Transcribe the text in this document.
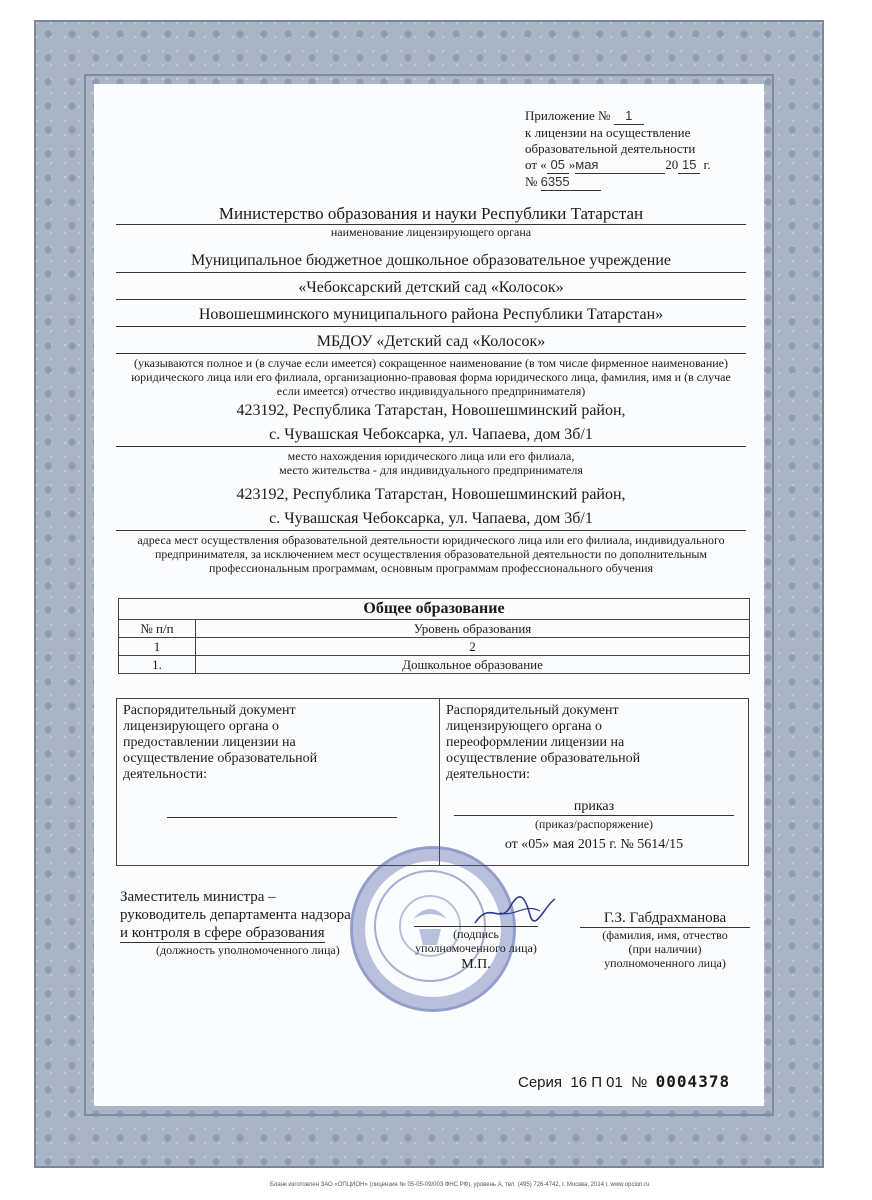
Приложение № 1
к лицензии на осуществление
образовательной деятельности
от « 05 »мая	20 15 г.
№ 6355
Министерство образования и науки Республики Татарстан
наименование лицензирующего органа
Муниципальное бюджетное дошкольное образовательное учреждение
«Чебоксарский детский сад «Колосок»
Новошешминского муниципального района Республики Татарстан»
МБДОУ «Детский сад «Колосок»
(указываются полное и (в случае если имеется) сокращенное наименование (в том числе фирменное наименование) юридического лица или его филиала, организационно-правовая форма юридического лица, фамилия, имя и (в случае если имеется) отчество индивидуального предпринимателя)
423192, Республика Татарстан, Новошешминский район,
с. Чувашская Чебоксарка, ул. Чапаева, дом 3б/1
место нахождения юридического лица или его филиала,
место жительства - для индивидуального предпринимателя
423192, Республика Татарстан, Новошешминский район,
с. Чувашская Чебоксарка, ул. Чапаева, дом 3б/1
адреса мест осуществления образовательной деятельности юридического лица или его филиала, индивидуального предпринимателя, за исключением мест осуществления образовательной деятельности по дополнительным профессиональным программам, основным программам профессионального обучения
Общее образование	
№ п/п	Уровень образования
1	2
1.	Дошкольное образование
Распорядительный документ лицензирующего органа о предоставлении лицензии на осуществление образовательной деятельности:
Распорядительный документ лицензирующего органа о переоформлении лицензии на осуществление образовательной деятельности:
приказ
(приказ/распоряжение)
от «05» мая 2015 г. № 5614/15
Заместитель министра –
руководитель департамента надзора
и контроля в сфере образования
(должность уполномоченного лица)
(подпись
уполномоченного лица)
М.П.
Г.З. Габдрахманова
(фамилия, имя, отчество
(при наличии)
уполномоченного лица)
Серия 16 П 01 № 0004378
Бланк изготовлен ЗАО «ОПЦИОН» (лицензия № 05-05-09/003 ФНС РФ), уровень А, тел. (495) 726-4742, г. Москва, 2014 г. www.opcion.ru
